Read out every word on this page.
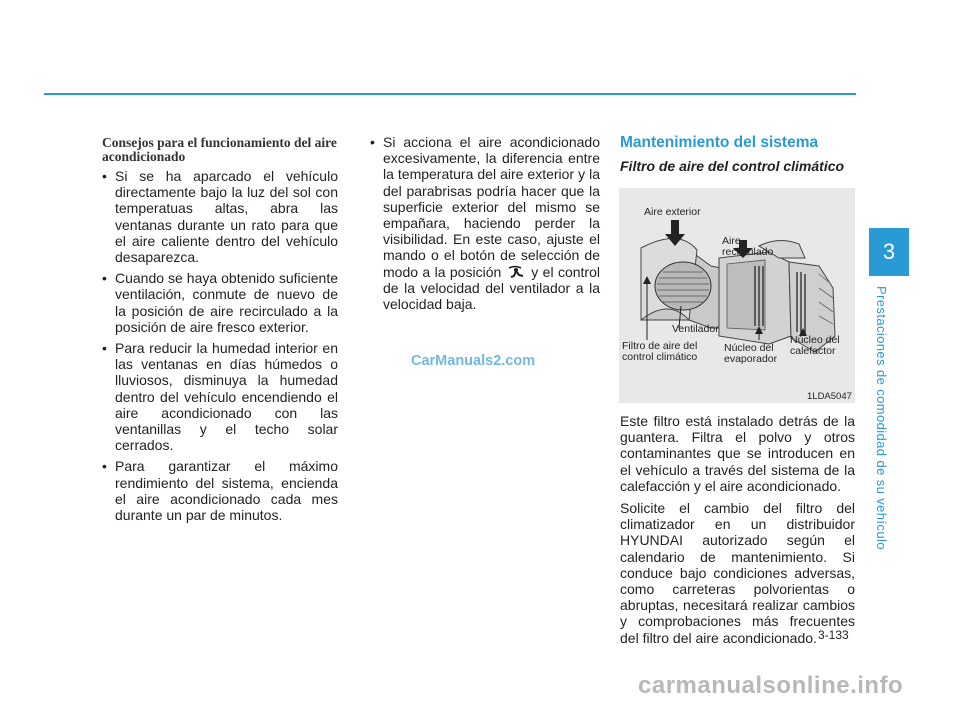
Consejos para el funcionamiento del aire acondicionado
• Si se ha aparcado el vehículo directamente bajo la luz del sol con temperatuas altas, abra las ventanas durante un rato para que el aire caliente dentro del vehículo desaparezca.
• Cuando se haya obtenido suficiente ventilación, conmute de nuevo de la posición de aire recirculado a la posición de aire fresco exterior.
• Para reducir la humedad interior en las ventanas en días húmedos o lluviosos, disminuya la humedad dentro del vehículo encendiendo el aire acondicionado con las ventanillas y el techo solar cerrados.
• Para garantizar el máximo rendimiento del sistema, encienda el aire acondicionado cada mes durante un par de minutos.
• Si acciona el aire acondicionado excesivamente, la diferencia entre la temperatura del aire exterior y la del parabrisas podría hacer que la superficie exterior del mismo se empañara, haciendo perder la visibilidad. En este caso, ajuste el mando o el botón de selección de modo a la posición y el control de la velocidad del ventilador a la velocidad baja.
Mantenimiento del sistema
Filtro de aire del control climático
Aire exterior
Aire recirculado
Ventilador
Filtro de aire del control climático
Núcleo del evaporador
Núcleo del calefactor
1LDA5047

Este filtro está instalado detrás de la guantera. Filtra el polvo y otros contaminantes que se introducen en el vehículo a través del sistema de la calefacción y el aire acondicionado.

Solicite el cambio del filtro del climatizador en un distribuidor HYUNDAI autorizado según el calendario de mantenimiento. Si conduce bajo condiciones adversas, como carreteras polvorientas o abruptas, necesitará realizar cambios y comprobaciones más frecuentes del filtro del aire acondicionado.

CarManuals2.com
3
Prestaciones de comodidad de su vehículo
3-133
carmanualsonline.info
